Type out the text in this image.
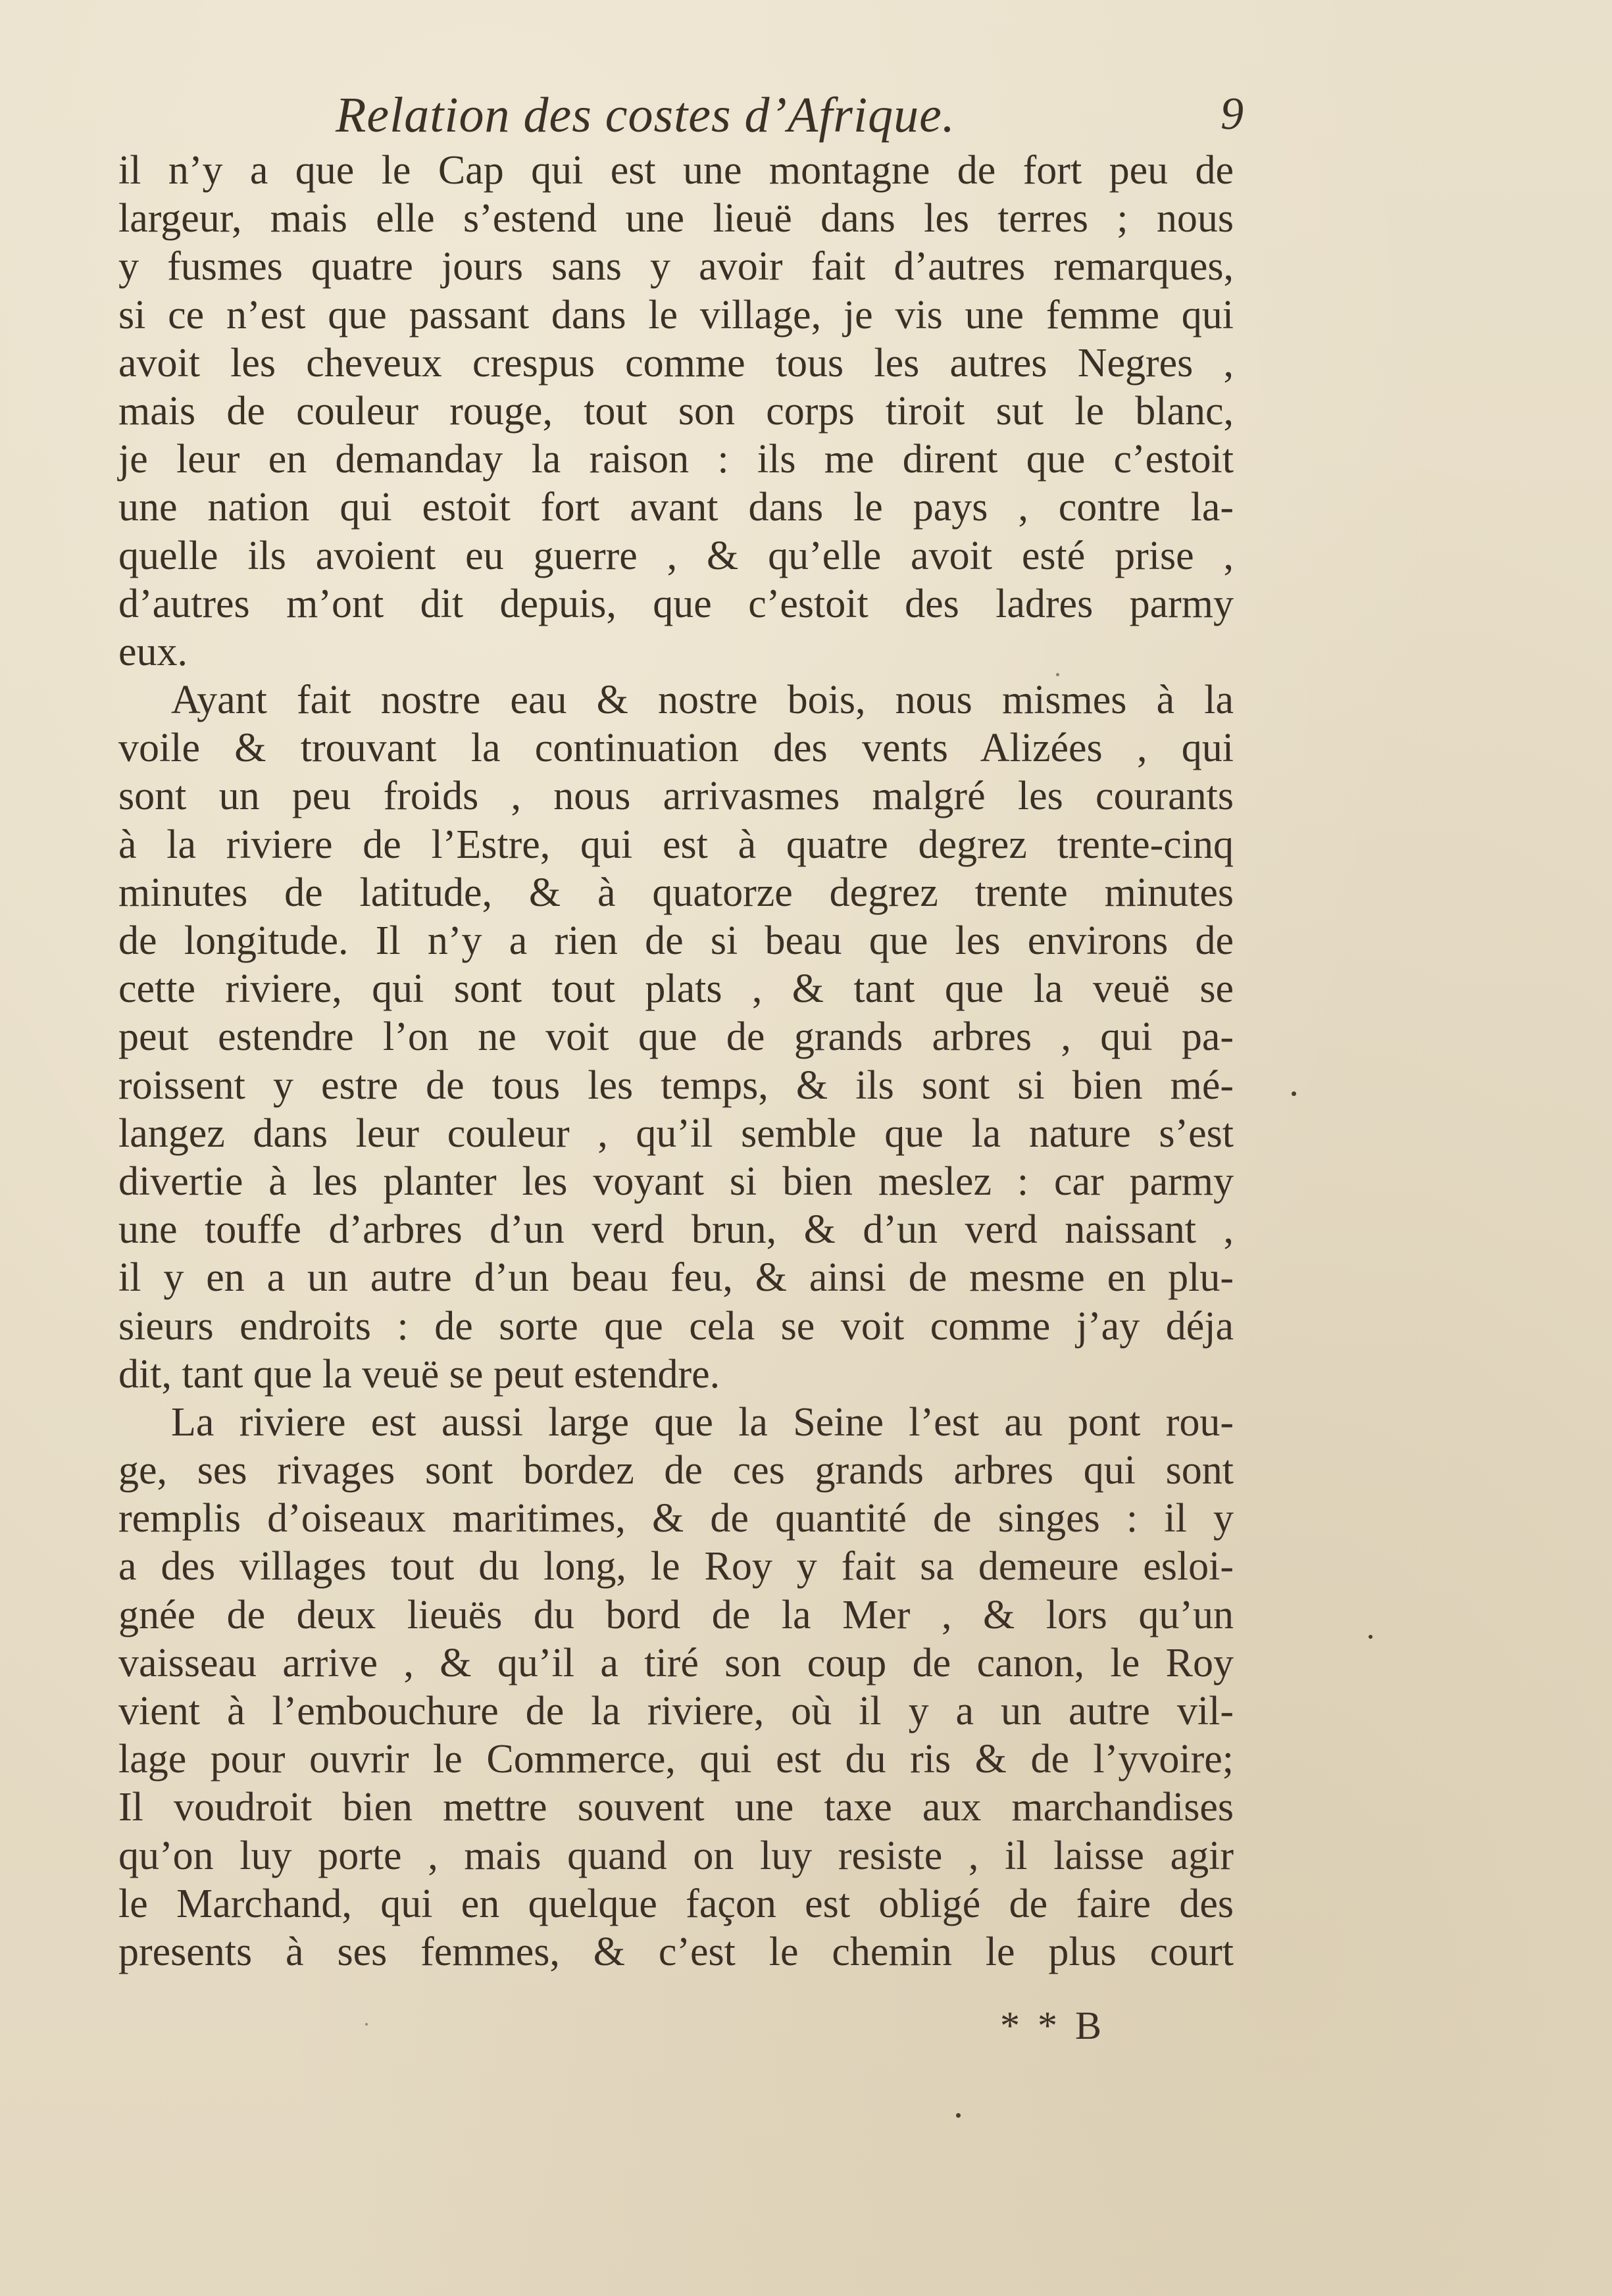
Relation des costes d’Afrique.	9
il n’y a que le Cap qui est une montagne de fort peu de
largeur, mais elle s’estend une lieuë dans les terres ; nous
y fusmes quatre jours sans y avoir fait d’autres remarques,
si ce n’est que passant dans le village, je vis une femme qui
avoit les cheveux crespus comme tous les autres Negres ,
mais de couleur rouge, tout son corps tiroit sut le blanc,
je leur en demanday la raison : ils me dirent que c’estoit
une nation qui estoit fort avant dans le pays , contre la-
quelle ils avoient eu guerre , & qu’elle avoit esté prise ,
d’autres m’ont dit depuis, que c’estoit des ladres parmy
eux.
Ayant fait nostre eau & nostre bois, nous mismes à la
voile & trouvant la continuation des vents Alizées , qui
sont un peu froids , nous arrivasmes malgré les courants
à la riviere de l’Estre, qui est à quatre degrez trente-cinq
minutes de latitude, & à quatorze degrez trente minutes
de longitude. Il n’y a rien de si beau que les environs de
cette riviere, qui sont tout plats , & tant que la veuë se
peut estendre l’on ne voit que de grands arbres , qui pa-
roissent y estre de tous les temps, & ils sont si bien mé-
langez dans leur couleur , qu’il semble que la nature s’est
divertie à les planter les voyant si bien meslez : car parmy
une touffe d’arbres d’un verd brun, & d’un verd naissant ,
il y en a un autre d’un beau feu, & ainsi de mesme en plu-
sieurs endroits : de sorte que cela se voit comme j’ay déja
dit, tant que la veuë se peut estendre.
La riviere est aussi large que la Seine l’est au pont rou-
ge, ses rivages sont bordez de ces grands arbres qui sont
remplis d’oiseaux maritimes, & de quantité de singes : il y
a des villages tout du long, le Roy y fait sa demeure esloi-
gnée de deux lieuës du bord de la Mer , & lors qu’un
vaisseau arrive , & qu’il a tiré son coup de canon, le Roy
vient à l’embouchure de la riviere, où il y a un autre vil-
lage pour ouvrir le Commerce, qui est du ris & de l’yvoire;
Il voudroit bien mettre souvent une taxe aux marchandises
qu’on luy porte , mais quand on luy resiste , il laisse agir
le Marchand, qui en quelque façon est obligé de faire des
presents à ses femmes, & c’est le chemin le plus court
* * B
